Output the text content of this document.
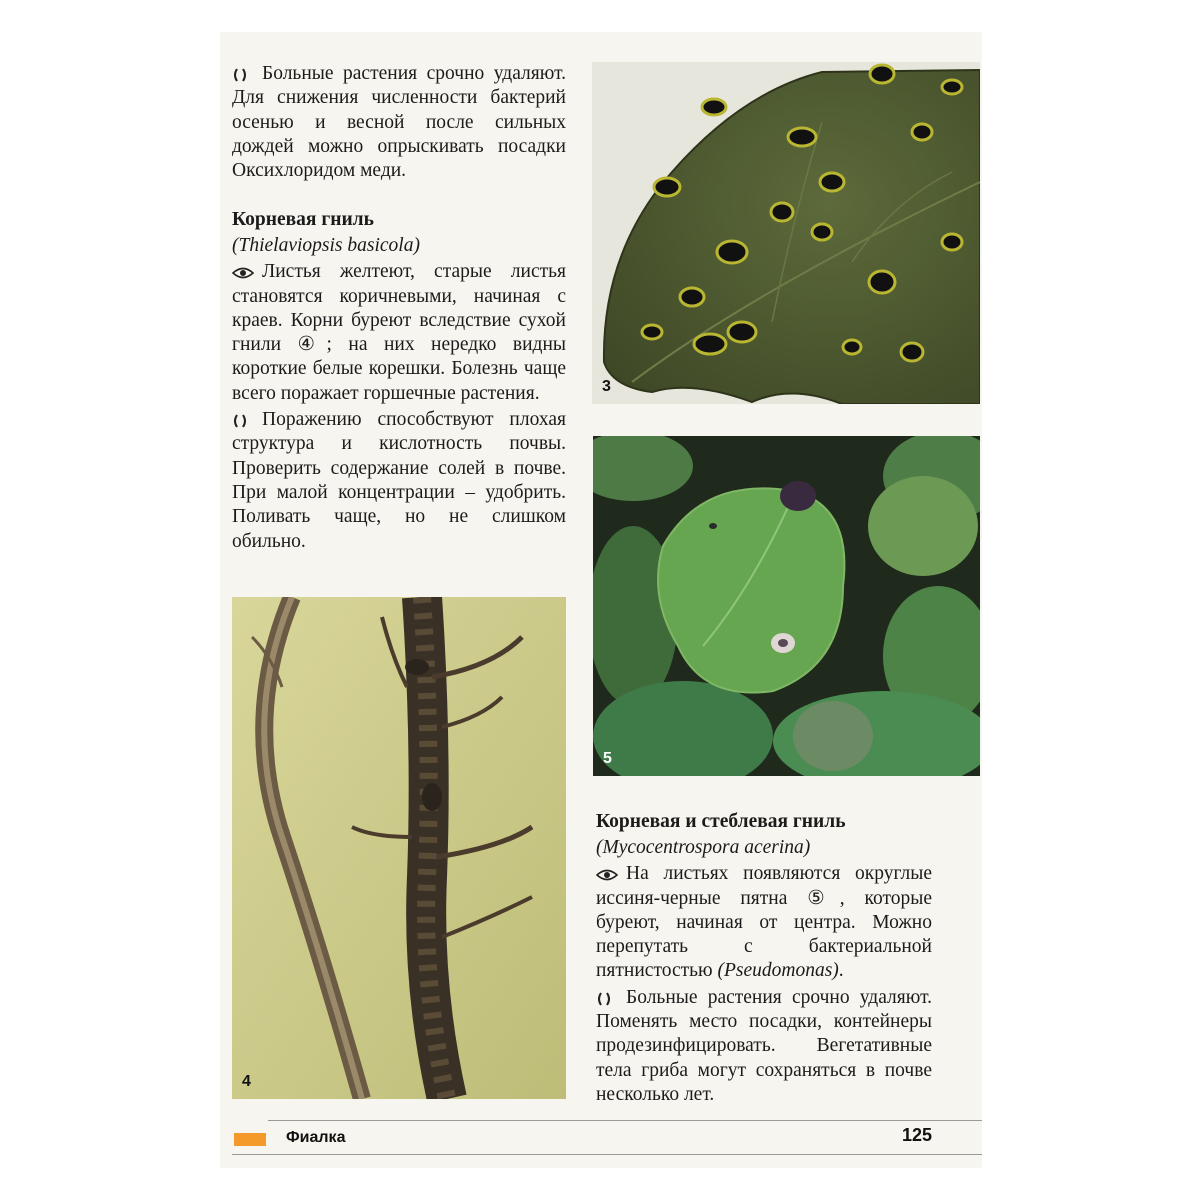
Больные растения срочно удаляют. Для снижения численности бактерий осенью и весной после сильных дождей можно опрыскивать посадки Оксихлоридом меди.

Корневая гниль

(Thielaviopsis basicola)

Листья желтеют, старые листья становятся коричневыми, начиная с краев. Корни буреют вследствие сухой гнили ④; на них нередко видны короткие белые корешки. Болезнь чаще всего поражает горшечные растения.

Поражению способствуют плохая структура и кислотность почвы. Проверить содержание солей в почве. При малой концентрации – удобрить. Поливать чаще, но не слишком обильно.

3
5
4

Корневая и стеблевая гниль

(Mycocentrospora acerina)

На листьях появляются округлые иссиня-черные пятна ⑤, которые буреют, начиная от центра. Можно перепутать с бактериальной пятнистостью (Pseudomonas).

Больные растения срочно удаляют. Поменять место посадки, контейнеры продезинфицировать. Вегетативные тела гриба могут сохраняться в почве несколько лет.

Фиалка	125
